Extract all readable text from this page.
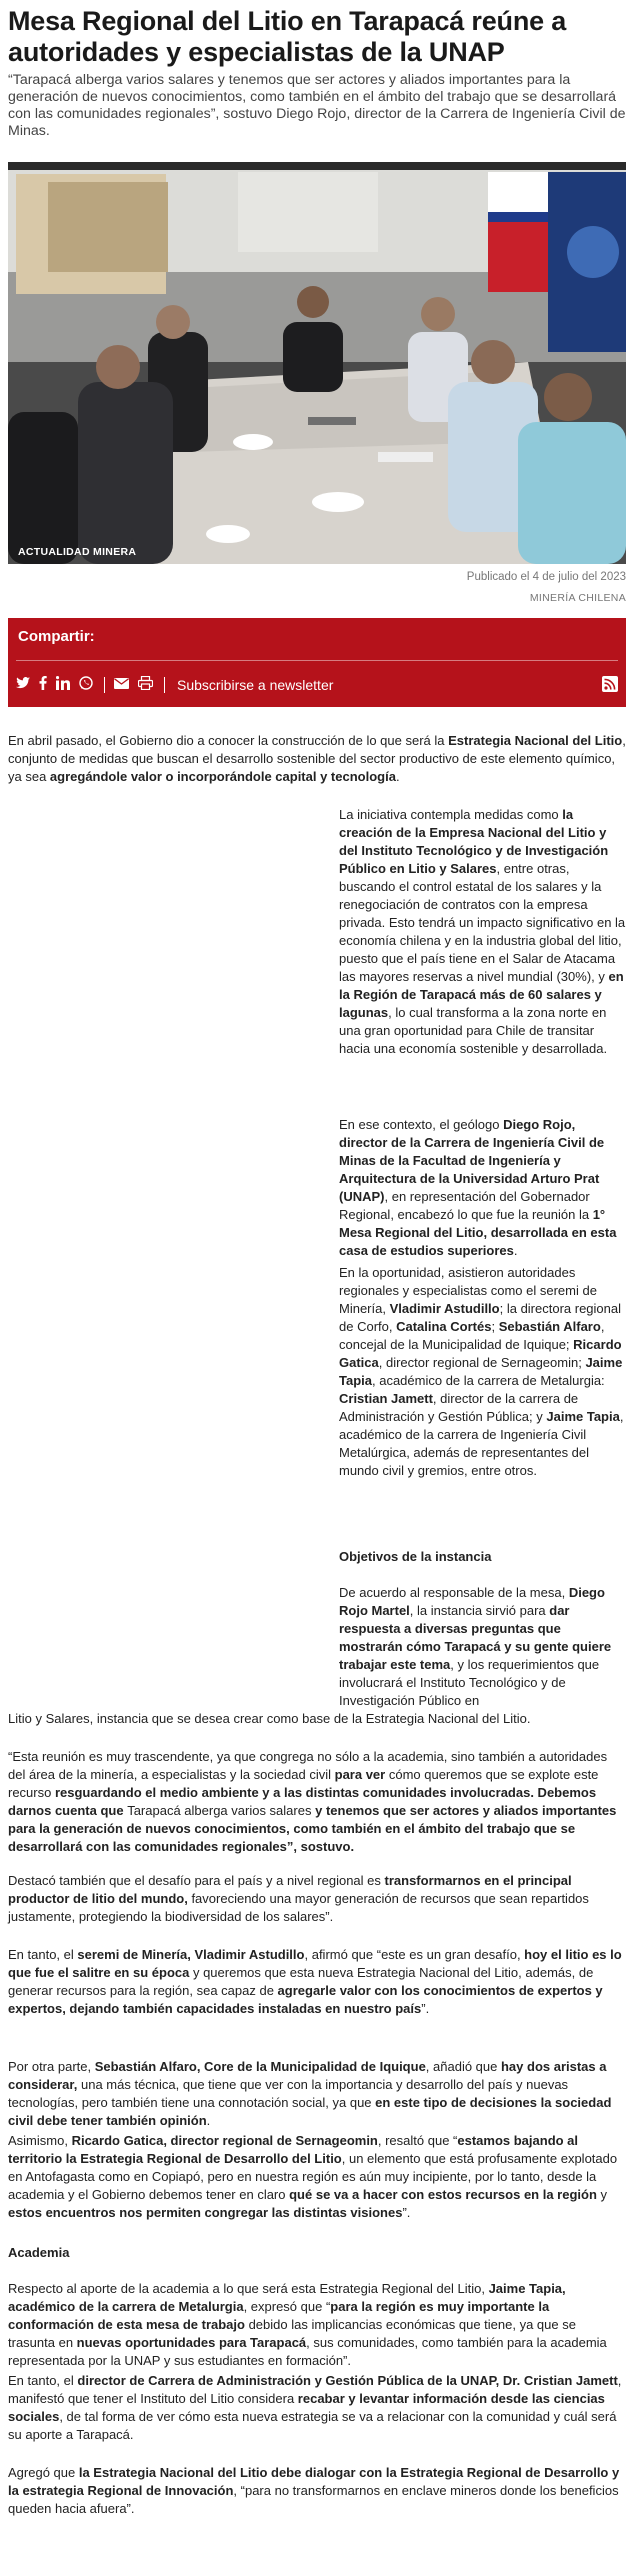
Mesa Regional del Litio en Tarapacá reúne a autoridades y especialistas de la UNAP
“Tarapacá alberga varios salares y tenemos que ser actores y aliados importantes para la generación de nuevos conocimientos, como también en el ámbito del trabajo que se desarrollará con las comunidades regionales”, sostuvo Diego Rojo, director de la Carrera de Ingeniería Civil de Minas.
ACTUALIDAD MINERA
Publicado el 4 de julio del 2023
MINERÍA CHILENA
Compartir:
Subscribirse a newsletter

En abril pasado, el Gobierno dio a conocer la construcción de lo que será la Estrategia Nacional del Litio, conjunto de medidas que buscan el desarrollo sostenible del sector productivo de este elemento químico, ya sea agregándole valor o incorporándole capital y tecnología.

La iniciativa contempla medidas como la creación de la Empresa Nacional del Litio y del Instituto Tecnológico y de Investigación Público en Litio y Salares, entre otras, buscando el control estatal de los salares y la renegociación de contratos con la empresa privada. Esto tendrá un impacto significativo en la economía chilena y en la industria global del litio, puesto que el país tiene en el Salar de Atacama las mayores reservas a nivel mundial (30%), y en la Región de Tarapacá más de 60 salares y lagunas, lo cual transforma a la zona norte en una gran oportunidad para Chile de transitar hacia una economía sostenible y desarrollada.

En ese contexto, el geólogo Diego Rojo, director de la Carrera de Ingeniería Civil de Minas de la Facultad de Ingeniería y Arquitectura de la Universidad Arturo Prat (UNAP), en representación del Gobernador Regional, encabezó lo que fue la reunión la 1° Mesa Regional del Litio, desarrollada en esta casa de estudios superiores.

En la oportunidad, asistieron autoridades regionales y especialistas como el seremi de Minería, Vladimir Astudillo; la directora regional de Corfo, Catalina Cortés; Sebastián Alfaro, concejal de la Municipalidad de Iquique; Ricardo Gatica, director regional de Sernageomin; Jaime Tapia, académico de la carrera de Metalurgia: Cristian Jamett, director de la carrera de Administración y Gestión Pública; y Jaime Tapia, académico de la carrera de Ingeniería Civil Metalúrgica, además de representantes del mundo civil y gremios, entre otros.

Objetivos de la instancia

De acuerdo al responsable de la mesa, Diego Rojo Martel, la instancia sirvió para dar respuesta a diversas preguntas que mostrarán cómo Tarapacá y su gente quiere trabajar este tema, y los requerimientos que involucrará el Instituto Tecnológico y de Investigación Público en

Litio y Salares, instancia que se desea crear como base de la Estrategia Nacional del Litio.

“Esta reunión es muy trascendente, ya que congrega no sólo a la academia, sino también a autoridades del área de la minería, a especialistas y la sociedad civil para ver cómo queremos que se explote este recurso resguardando el medio ambiente y a las distintas comunidades involucradas. Debemos darnos cuenta que Tarapacá alberga varios salares y tenemos que ser actores y aliados importantes para la generación de nuevos conocimientos, como también en el ámbito del trabajo que se desarrollará con las comunidades regionales”, sostuvo.

Destacó también que el desafío para el país y a nivel regional es transformarnos en el principal productor de litio del mundo, favoreciendo una mayor generación de recursos que sean repartidos justamente, protegiendo la biodiversidad de los salares”.

En tanto, el seremi de Minería, Vladimir Astudillo, afirmó que “este es un gran desafío, hoy el litio es lo que fue el salitre en su época y queremos que esta nueva Estrategia Nacional del Litio, además, de generar recursos para la región, sea capaz de agregarle valor con los conocimientos de expertos y expertos, dejando también capacidades instaladas en nuestro país”.

Por otra parte, Sebastián Alfaro, Core de la Municipalidad de Iquique, añadió que hay dos aristas a considerar, una más técnica, que tiene que ver con la importancia y desarrollo del país y nuevas tecnologías, pero también tiene una connotación social, ya que en este tipo de decisiones la sociedad civil debe tener también opinión.

Asimismo, Ricardo Gatica, director regional de Sernageomin, resaltó que “estamos bajando al territorio la Estrategia Regional de Desarrollo del Litio, un elemento que está profusamente explotado en Antofagasta como en Copiapó, pero en nuestra región es aún muy incipiente, por lo tanto, desde la academia y el Gobierno debemos tener en claro qué se va a hacer con estos recursos en la región y estos encuentros nos permiten congregar las distintas visiones”.

Academia

Respecto al aporte de la academia a lo que será esta Estrategia Regional del Litio, Jaime Tapia, académico de la carrera de Metalurgia, expresó que “para la región es muy importante la conformación de esta mesa de trabajo debido las implicancias económicas que tiene, ya que se trasunta en nuevas oportunidades para Tarapacá, sus comunidades, como también para la academia representada por la UNAP y sus estudiantes en formación”.

En tanto, el director de Carrera de Administración y Gestión Pública de la UNAP, Dr. Cristian Jamett, manifestó que tener el Instituto del Litio considera recabar y levantar información desde las ciencias sociales, de tal forma de ver cómo esta nueva estrategia se va a relacionar con la comunidad y cuál será su aporte a Tarapacá.

Agregó que la Estrategia Nacional del Litio debe dialogar con la Estrategia Regional de Desarrollo y la estrategia Regional de Innovación, “para no transformarnos en enclave mineros donde los beneficios queden hacia afuera”.
